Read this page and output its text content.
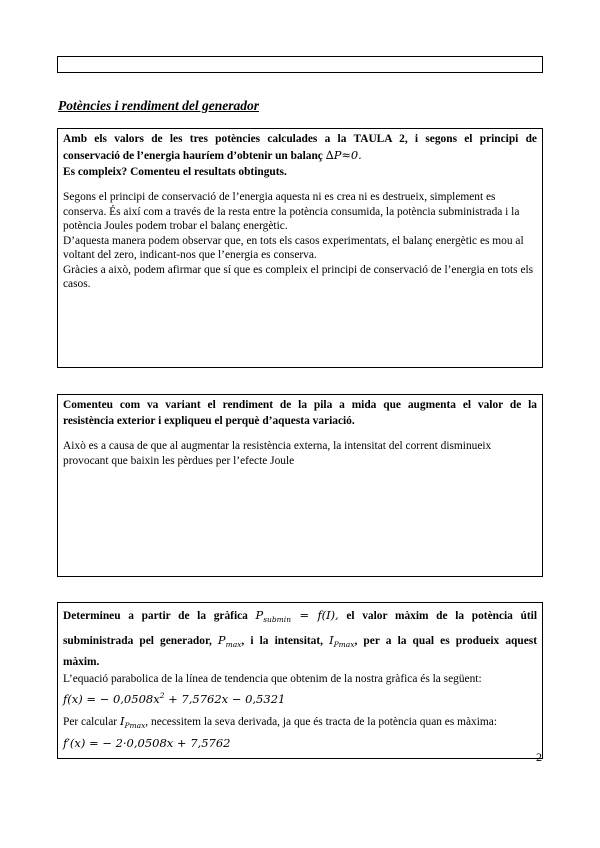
Potències i rendiment del generador
Amb els valors de les tres potències calculades a la TAULA 2, i segons el principi de
conservació de l’energia hauríem d’obtenir un balanç ∆P≈0.
Es compleix? Comenteu el resultats obtinguts.

Segons el principi de conservació de l’energia aquesta ni es crea ni es destrueix, simplement es conserva. És així com a través de la resta entre la potència consumida, la potència subministrada i la potència Joules podem trobar el balanç energètic.

D’aquesta manera podem observar que, en tots els casos experimentats, el balanç energètic es mou al voltant del zero, indicant-nos que l’energia es conserva.

Gràcies a això, podem afirmar que sí que es compleix el principi de conservació de l’energia en tots els casos.

Comenteu com va variant el rendiment de la pila a mida que augmenta el valor de la
resistència exterior i expliqueu el perquè d’aquesta variació.

Això es a causa de que al augmentar la resistència externa, la intensitat del corrent disminueix provocant que baixin les pèrdues per l’efecte Joule

Determineu a partir de la gràfica $P_{submin} = f(I)$, el valor màxim de la potència útil
subministrada pel generador, $P_{max}$, i la intensitat, $I_{Pmax}$, per a la qual es produeix aquest
màxim.

L’equació parabolica de la línea de tendencia que obtenim de la nostra gràfica és la següent:

f(x) = − $0,0508x^2 + 7,5762x - 0,5321$

Per calcular $I_{Pmax}$, necessitem la seva derivada, ja que és tracta de la potència quan es màxima:

f′(x) = − 2·0,0508x + 7,5762

2
